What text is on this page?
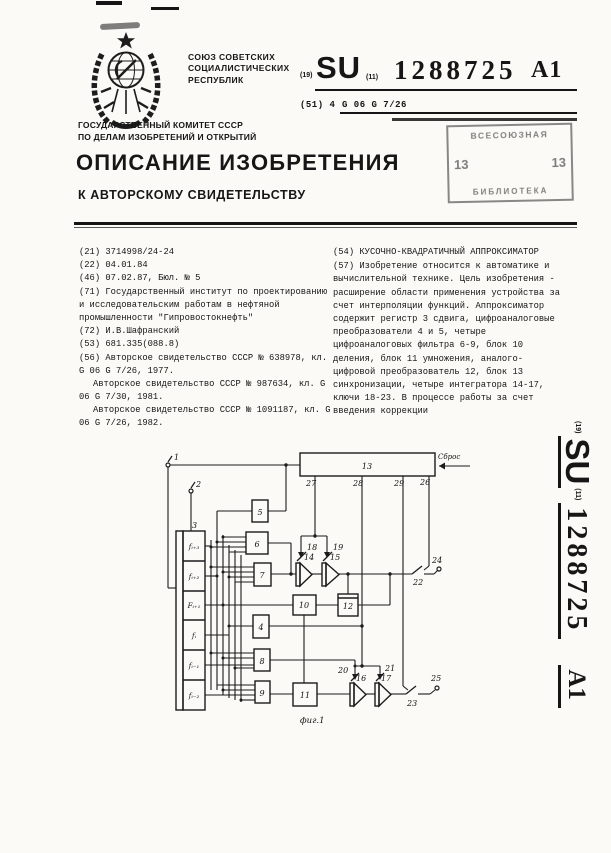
СОЮЗ СОВЕТСКИХ
СОЦИАЛИСТИЧЕСКИХ
РЕСПУБЛИК	(19) SU (11) 1288725 A1
(51) 4 G 06 G 7/26
ГОСУДАРСТВЕННЫЙ КОМИТЕТ СССР
ПО ДЕЛАМ ИЗОБРЕТЕНИЙ И ОТКРЫТИЙ
ОПИСАНИЕ ИЗОБРЕТЕНИЯ
К АВТОРСКОМУ СВИДЕТЕЛЬСТВУ
ВСЕСОЮЗНАЯ
13	13
БИБЛИОТЕКА
(21) 3714998/24-24
(22) 04.01.84
(46) 07.02.87, Бюл. № 5
(71) Государственный институт по проектированию и исследовательским работам в нефтяной промышленности "Гипровостокнефть"
(72) И.В.Шафранский
(53) 681.335(088.8)
(56) Авторское свидетельство СССР № 638978, кл. G 06 G 7/26, 1977.
Авторское свидетельство СССР № 987634, кл. G 06 G 7/30, 1981.
Авторское свидетельство СССР № 1091187, кл. G 06 G 7/26, 1982.
(54) КУСОЧНО-КВАДРАТИЧНЫЙ АППРОКСИМАТОР
(57) Изобретение относится к автоматике и вычислительной технике. Цель изобретения - расширение области применения устройства за счет интерполяции функций. Аппроксиматор содержит регистр 3 сдвига, цифроаналоговые преобразователи 4 и 5, четыре цифроаналоговых фильтра 6-9, блок 10 деления, блок 11 умножения, аналого-цифровой преобразователь 12, блок 13 синхронизации, четыре интегратора 14-17, ключи 18-23. В процессе работы за счет введения коррекции
1
2
3
13
Сброс
5
6
7
4
8
9
10
11
12
14 15
16 17
18 19
20	21
22
23
24
25
27	28	29 26
fᵢ₊₃
fᵢ₊₂
Fᵢ₊₁
fᵢ
fᵢ₋₁
fᵢ₋₂
фиг.1
(19)
SU
(11)
1288725
A1
